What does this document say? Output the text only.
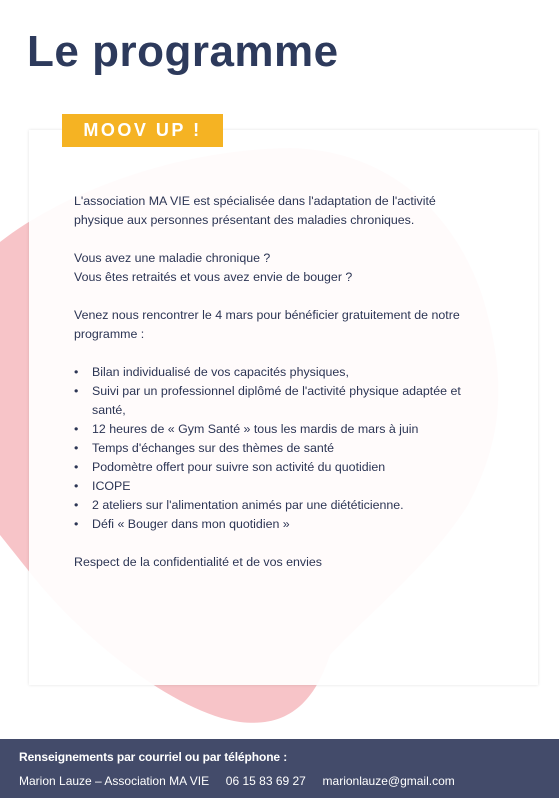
Le programme
MOOV UP !

L'association MA VIE est spécialisée dans l'adaptation de l'activité
physique aux personnes présentant des maladies chroniques.

Vous avez une maladie chronique ?
Vous êtes retraités et vous avez envie de bouger ?

Venez nous rencontrer le 4 mars pour bénéficier gratuitement de notre
programme :

•	Bilan individualisé de vos capacités physiques,
•	Suivi par un professionnel diplômé de l'activité physique adaptée et
santé,
•	12 heures de « Gym Santé » tous les mardis de mars à juin
•	Temps d'échanges sur des thèmes de santé
•	Podomètre offert pour suivre son activité du quotidien
•	ICOPE
•	2 ateliers sur l'alimentation animés par une diététicienne.
•	Défi « Bouger dans mon quotidien »

Respect de la confidentialité et de vos envies

Renseignements par courriel ou par téléphone :
Marion Lauze – Association MA VIE 06 15 83 69 27 marionlauze@gmail.com
